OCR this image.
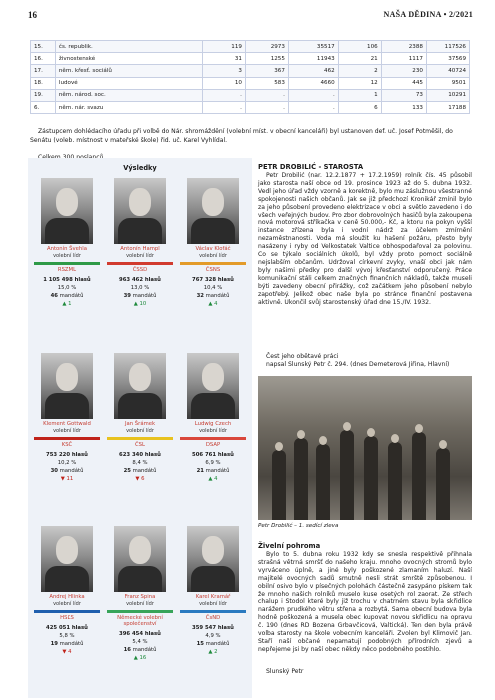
16	NAŠA DĚDINA • 2/2021
15.	čs. republik.	119	2973	35517	106	2388	117526
16.	živnostenské	31	1255	11943	21	1117	37569
17.	něm. křesť. sociálů	3	367	462	2	230	40724
18.	ludové	10	583	4660	12	445	9501
19.	něm. národ. soc.	.	.	.	1	73	10291
6.	něm. nár. svazu	.	.	.	6	133	17188

Zástupcem dohlédacího úřadu při volbě do Nár. shromáždění (volební míst. v obecní kanceláři) byl ustanoven def. uč. Josef Potměšil, do Senátu (voleb. místnost v mateřské škole) řid. uč. Karel Vyhlídal.

Výsledky
Antonín Švehla
volební lídr
RSZML
1 105 498 hlasů
15,0 %
46 mandátů
▲ 1
Antonín Hampl
volební lídr
ČSSD
963 462 hlasů
13,0 %
39 mandátů
▲ 10
Václav Klofáč
volební lídr
ČSNS
767 328 hlasů
10,4 %
32 mandátů
▲ 4
Klement Gottwald
volební lídr
KSČ
753 220 hlasů
10,2 %
30 mandátů
▼ 11
Jan Šrámek
volební lídr
ČSL
623 340 hlasů
8,4 %
25 mandátů
▼ 6
Ludwig Czech
volební lídr
DSAP
506 761 hlasů
6,9 %
21 mandátů
▲ 4
Andrej Hlinka
volební lídr
HSĽS
425 051 hlasů
5,8 %
19 mandátů
▼ 4
Franz Spina
volební lídr
Německé volební společenství
396 454 hlasů
5,4 %
16 mandátů
▲ 16
Karel Kramář
volební lídr
ČsND
359 547 hlasů
4,9 %
15 mandátů
▲ 2
PETR DROBILIĆ - STAROSTA

Petr Drobilić (nar. 12.2.1877 + 17.2.1959) rolník čís. 45 působil jako starosta naší obce od 19. prosince 1923 až do 5. dubna 1932. Vedl jeho úřad vždy vzorně a korektně, bylo mu záslužnou všestranné spokojenosti našich občanů. Jak se již předchozí Kronikář zmínil bylo za jeho působení provedeno elektrizace v obci a světlo zavedeno i do všech veřejných budov. Pro zbor dobrovolných hasičů byla zakoupena nová motorová stříkačka v ceně 50.000,- Kč, a ktoru na pokyn vyšší instance zřízena byla i vodní nádrž za účelem zmírnění nezaměstnanosti. Voda má sloužit ku hašení požáru, přesto byly nasázeny i ryby od Velkostatek Valtice obhospodařoval za polovinu. Co se týkalo sociálních úkolů, byl vždy proto pomoct sociálně nejslabším občanům. Udržoval církevní zvyky, vnaší obci jak nám byly našimi předky pro další vývoj křesťanství odporučený. Práce komunikační stáli celkem značných finančních nákladů, takže museli býti zavedeny obecní přirážky, což začátkem jeho působení nebylo zapotřebý. Jelikož obec naše byla po stránce finanční postavena aktivně. Ukončil svůj starostenský úřad dne 15./IV. 1932.

Čest jeho obětavé práci
napsal Slunský Petr č. 294. (dnes Demeterová Jiřina, Hlavní)
Petr Drobilić – 1. sedící zleva
Živelní pohroma

Bylo to 5. dubna roku 1932 kdy se snesla respektivě přihnala strašná větrná smršť do našeho kraju. mnoho ovocných stromů bylo vyrváceno úplně, a jiné byly poškozené zlamaním haluzí. Naší majitelé ovocných sadů smutně nesli strát smrště způsobenou. I obilní osivo bylo v písečných polohách částečně zasypáno pískem tak že mnoho našich rolníků muselo kuse osetých rol zaorat. Ze střech chalup i Stodol které byly již trochu v chatrném stavu byla skřidlice narážem prudkého větru střena a rozbytá. Sama obecní budova byla hodně poškozená a musela obec kupovat novou skřidlicu na opravu č. 190 (dnes RD Bozena Grbavčicová, Valtická). Ten den byla právě volba starosty na škole vobecním kanceláři. Zvolen byl Klimovič Jan. Staří naší občané nepamatují podobných přírodních zjevů a nepřejeme jsi by naší obec někdy něco podobného postihlo.

Slunský Petr
